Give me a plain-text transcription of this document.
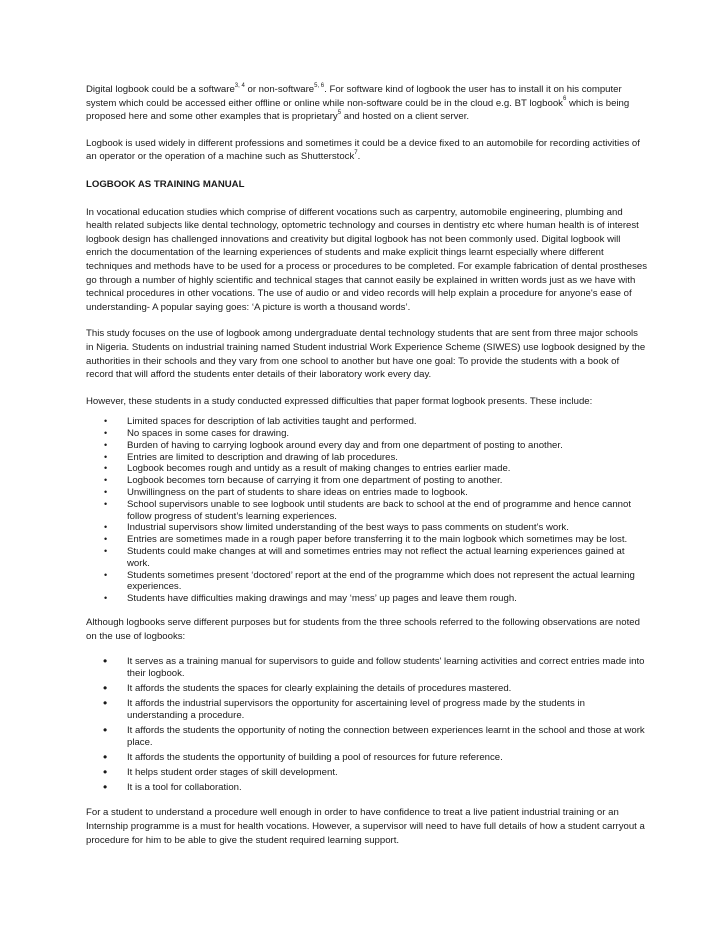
Digital logbook could be a software$^{3, 4}$ or non-software$^{5, 6}$. For software kind of logbook the user has to install it on his computer system which could be accessed either offline or online while non-software could be in the cloud e.g. BT logbook$^6$ which is being proposed here and some other examples that is proprietary$^5$ and hosted on a client server.

Logbook is used widely in different professions and sometimes it could be a device fixed to an automobile for recording activities of an operator or the operation of a machine such as Shutterstock$^7$.

LOGBOOK AS TRAINING MANUAL

In vocational education studies which comprise of different vocations such as carpentry, automobile engineering, plumbing and health related subjects like dental technology, optometric technology and courses in dentistry etc where human health is of interest logbook design has challenged innovations and creativity but digital logbook has not been commonly used. Digital logbook will enrich the documentation of the learning experiences of students and make explicit things learnt especially where different techniques and methods have to be used for a process or procedures to be completed. For example fabrication of dental prostheses go through a number of highly scientific and technical stages that cannot easily be explained in written words just as we have with technical procedures in other vocations. The use of audio or and video records will help explain a procedure for anyone's ease of understanding- A popular saying goes: ‘A picture is worth a thousand words’.

This study focuses on the use of logbook among undergraduate dental technology students that are sent from three major schools in Nigeria. Students on industrial training named Student industrial Work Experience Scheme (SIWES) use logbook designed by the authorities in their schools and they vary from one school to another but have one goal: To provide the students with a book of record that will afford the students enter details of their laboratory work every day.

However, these students in a study conducted expressed difficulties that paper format logbook presents. These include:

• Limited spaces for description of lab activities taught and performed.
• No spaces in some cases for drawing.
• Burden of having to carrying logbook around every day and from one department of posting to another.
• Entries are limited to description and drawing of lab procedures.
• Logbook becomes rough and untidy as a result of making changes to entries earlier made.
• Logbook becomes torn because of carrying it from one department of posting to another.
• Unwillingness on the part of students to share ideas on entries made to logbook.
• School supervisors unable to see logbook until students are back to school at the end of programme and hence cannot follow progress of student’s learning experiences.
• Industrial supervisors show limited understanding of the best ways to pass comments on student’s work.
• Entries are sometimes made in a rough paper before transferring it to the main logbook which sometimes may be lost.
• Students could make changes at will and sometimes entries may not reflect the actual learning experiences gained at work.
• Students sometimes present ‘doctored’ report at the end of the programme which does not represent the actual learning experiences.
• Students have difficulties making drawings and may ‘mess’ up pages and leave them rough.

Although logbooks serve different purposes but for students from the three schools referred to the following observations are noted on the use of logbooks:

• It serves as a training manual for supervisors to guide and follow students' learning activities and correct entries made into their logbook.
• It affords the students the spaces for clearly explaining the details of procedures mastered.
• It affords the industrial supervisors the opportunity for ascertaining level of progress made by the students in understanding a procedure.
• It affords the students the opportunity of noting the connection between experiences learnt in the school and those at work place.
• It affords the students the opportunity of building a pool of resources for future reference.
• It helps student order stages of skill development.
• It is a tool for collaboration.

For a student to understand a procedure well enough in order to have confidence to treat a live patient industrial training or an Internship programme is a must for health vocations. However, a supervisor will need to have full details of how a student carryout a procedure for him to be able to give the student required learning support.
